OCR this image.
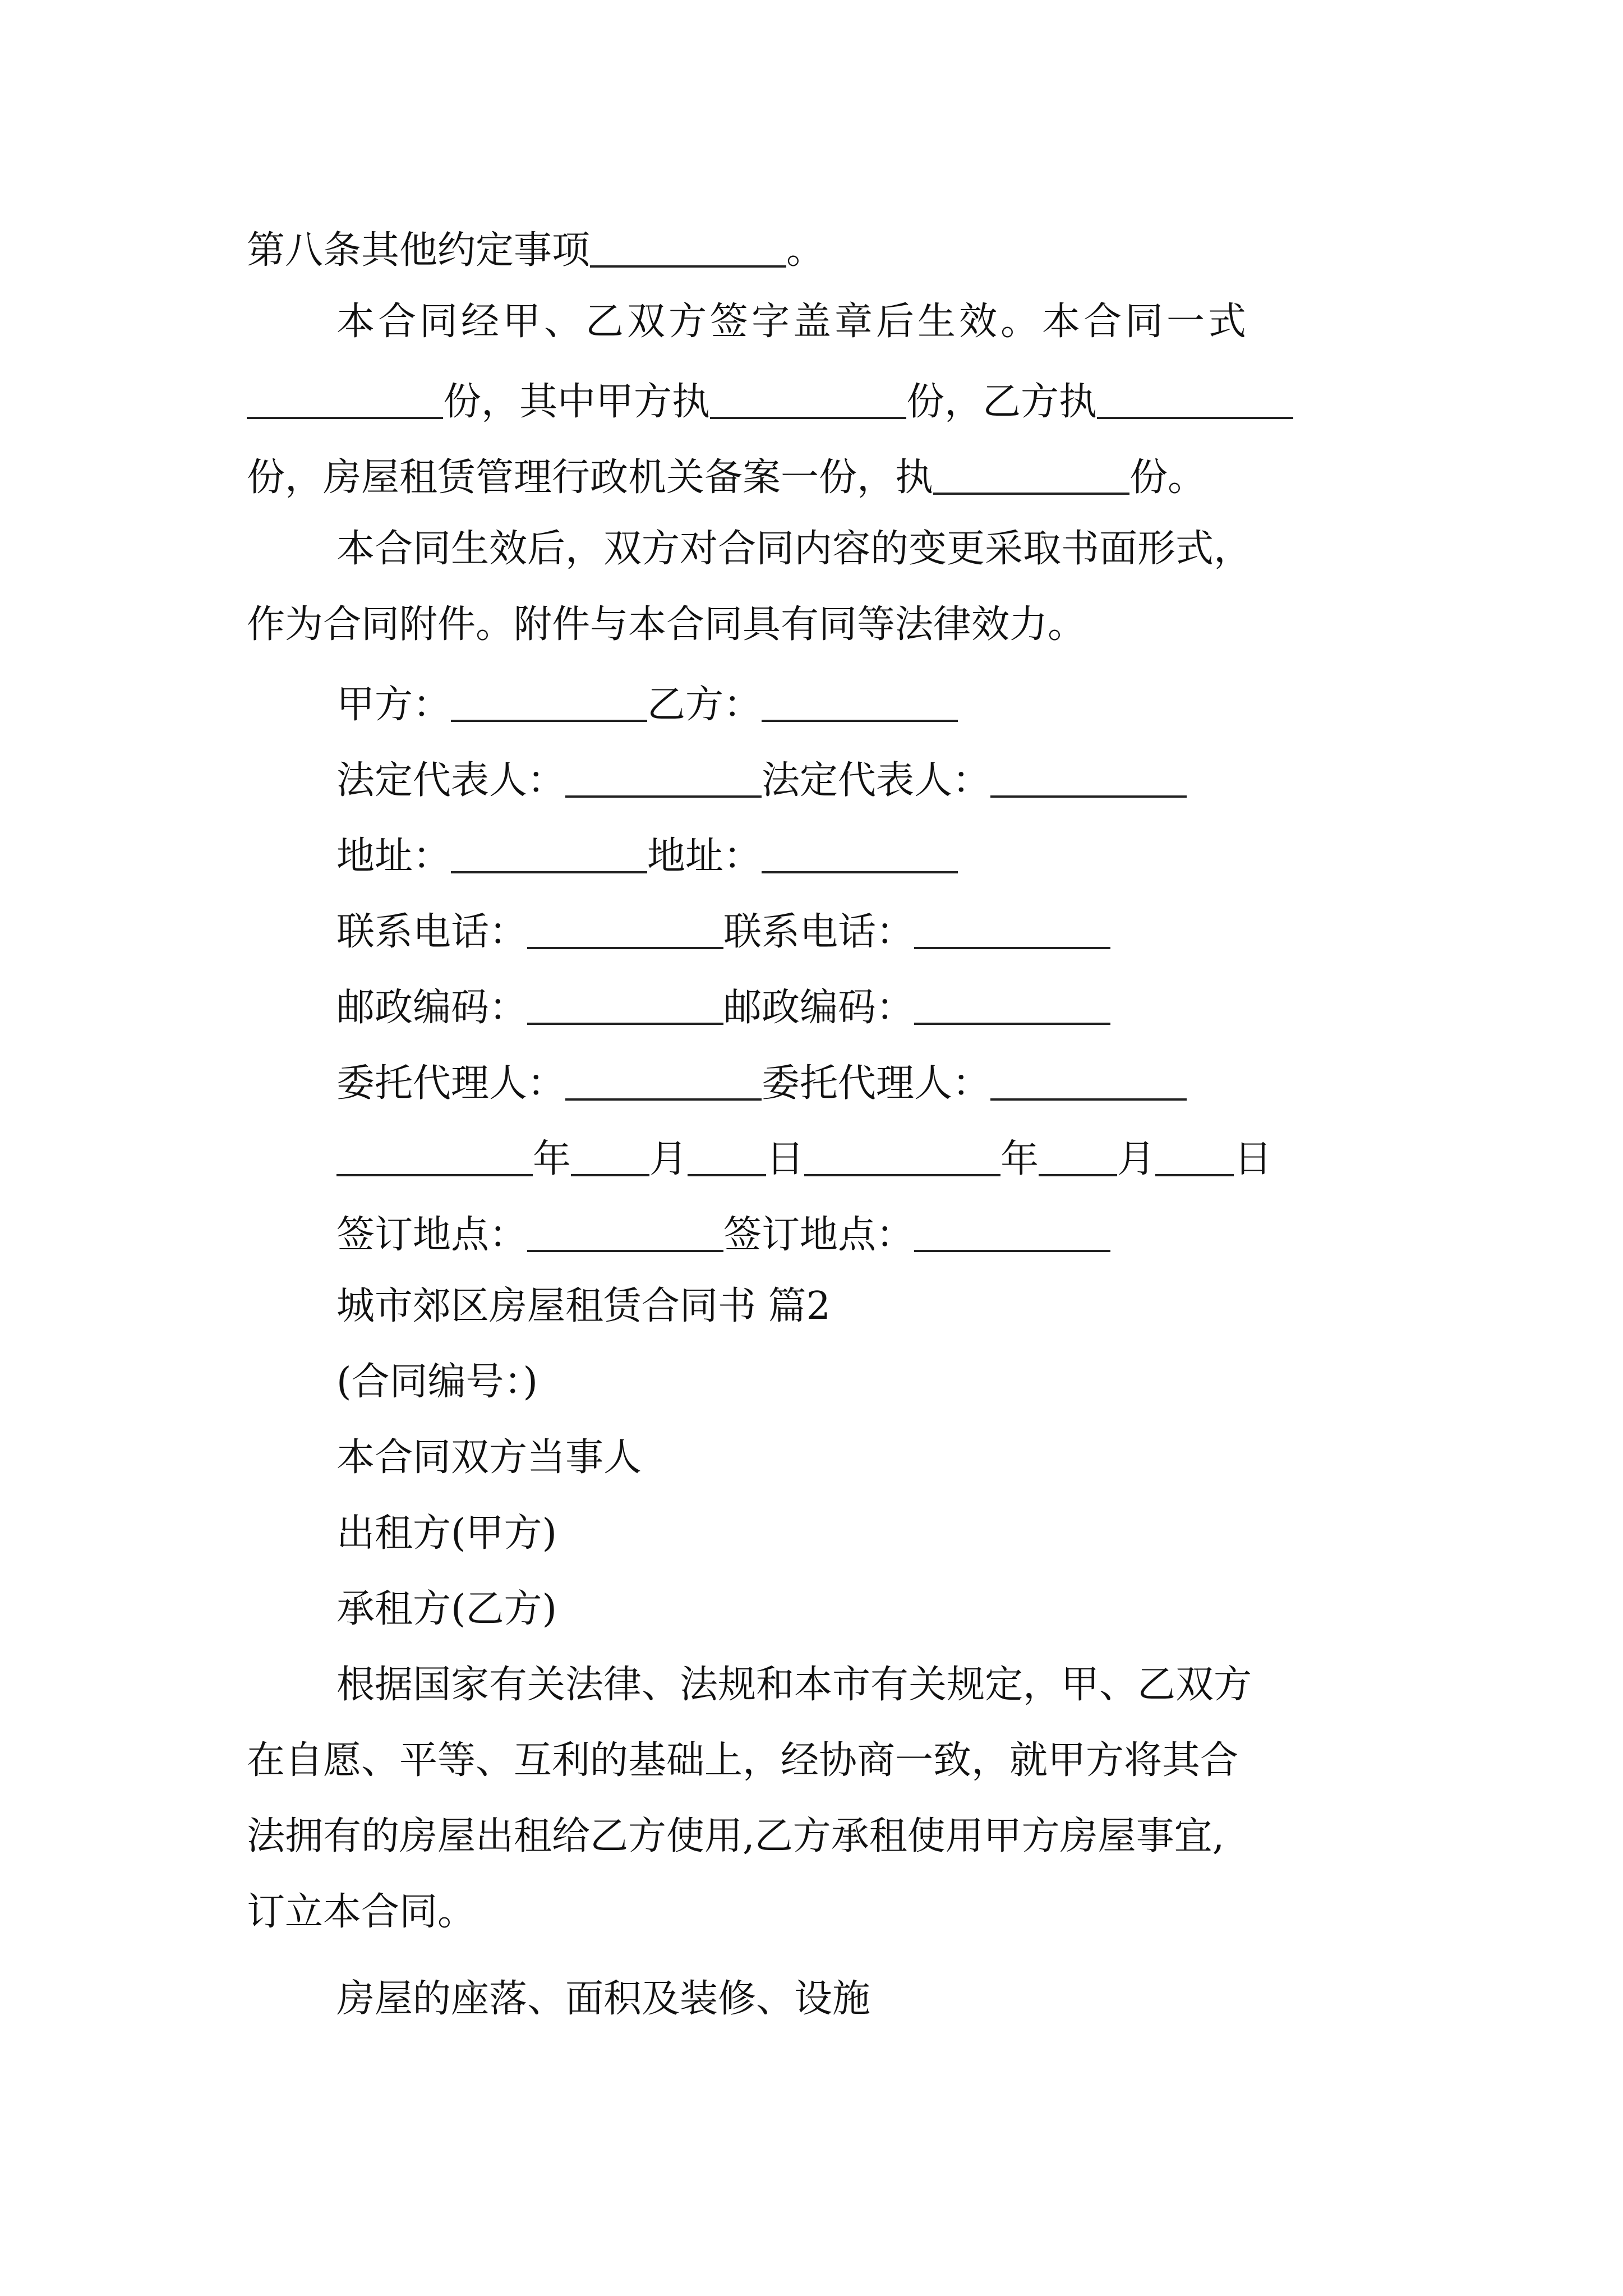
第八条其他约定事项	。
本合同经甲、乙双方签字盖章后生效。本合同一式
份，其中甲方执	份，乙方执
份，房屋租赁管理行政机关备案一份，执	份。
本合同生效后，双方对合同内容的变更采取书面形式，
作为合同附件。附件与本合同具有同等法律效力。
甲方：	乙方：
法定代表人：	法定代表人：
地址：	地址：
联系电话：	联系电话：
邮政编码：	邮政编码：
委托代理人：	委托代理人：
年 月 日	年 月 日
签订地点：	签订地点：
城市郊区房屋租赁合同书 篇2
(合同编号：)
本合同双方当事人
出租方(甲方)
承租方(乙方)
根据国家有关法律、法规和本市有关规定，甲、乙双方
在自愿、平等、互利的基础上，经协商一致，就甲方将其合
法拥有的房屋出租给乙方使用,乙方承租使用甲方房屋事宜,
订立本合同。
房屋的座落、面积及装修、设施
